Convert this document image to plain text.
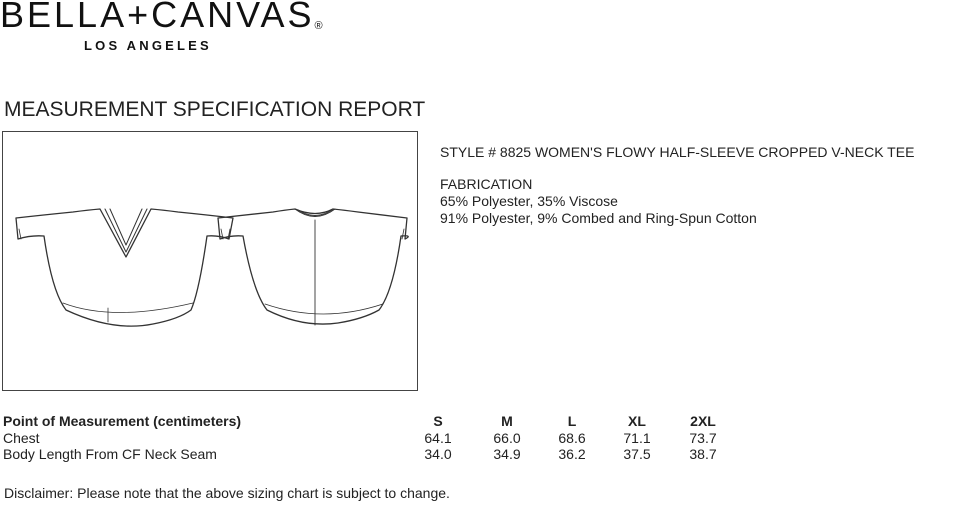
BELLA+CANVAS®
LOS ANGELES
MEASUREMENT SPECIFICATION REPORT
STYLE # 8825 WOMEN'S FLOWY HALF-SLEEVE CROPPED V-NECK TEE
FABRICATION
65% Polyester, 35% Viscose
91% Polyester, 9% Combed and Ring-Spun Cotton
Point of Measurement (centimeters)	S	M	L	XL	2XL
Chest	64.1	66.0	68.6	71.1	73.7
Body Length From CF Neck Seam	34.0	34.9	36.2	37.5	38.7
Disclaimer: Please note that the above sizing chart is subject to change.
